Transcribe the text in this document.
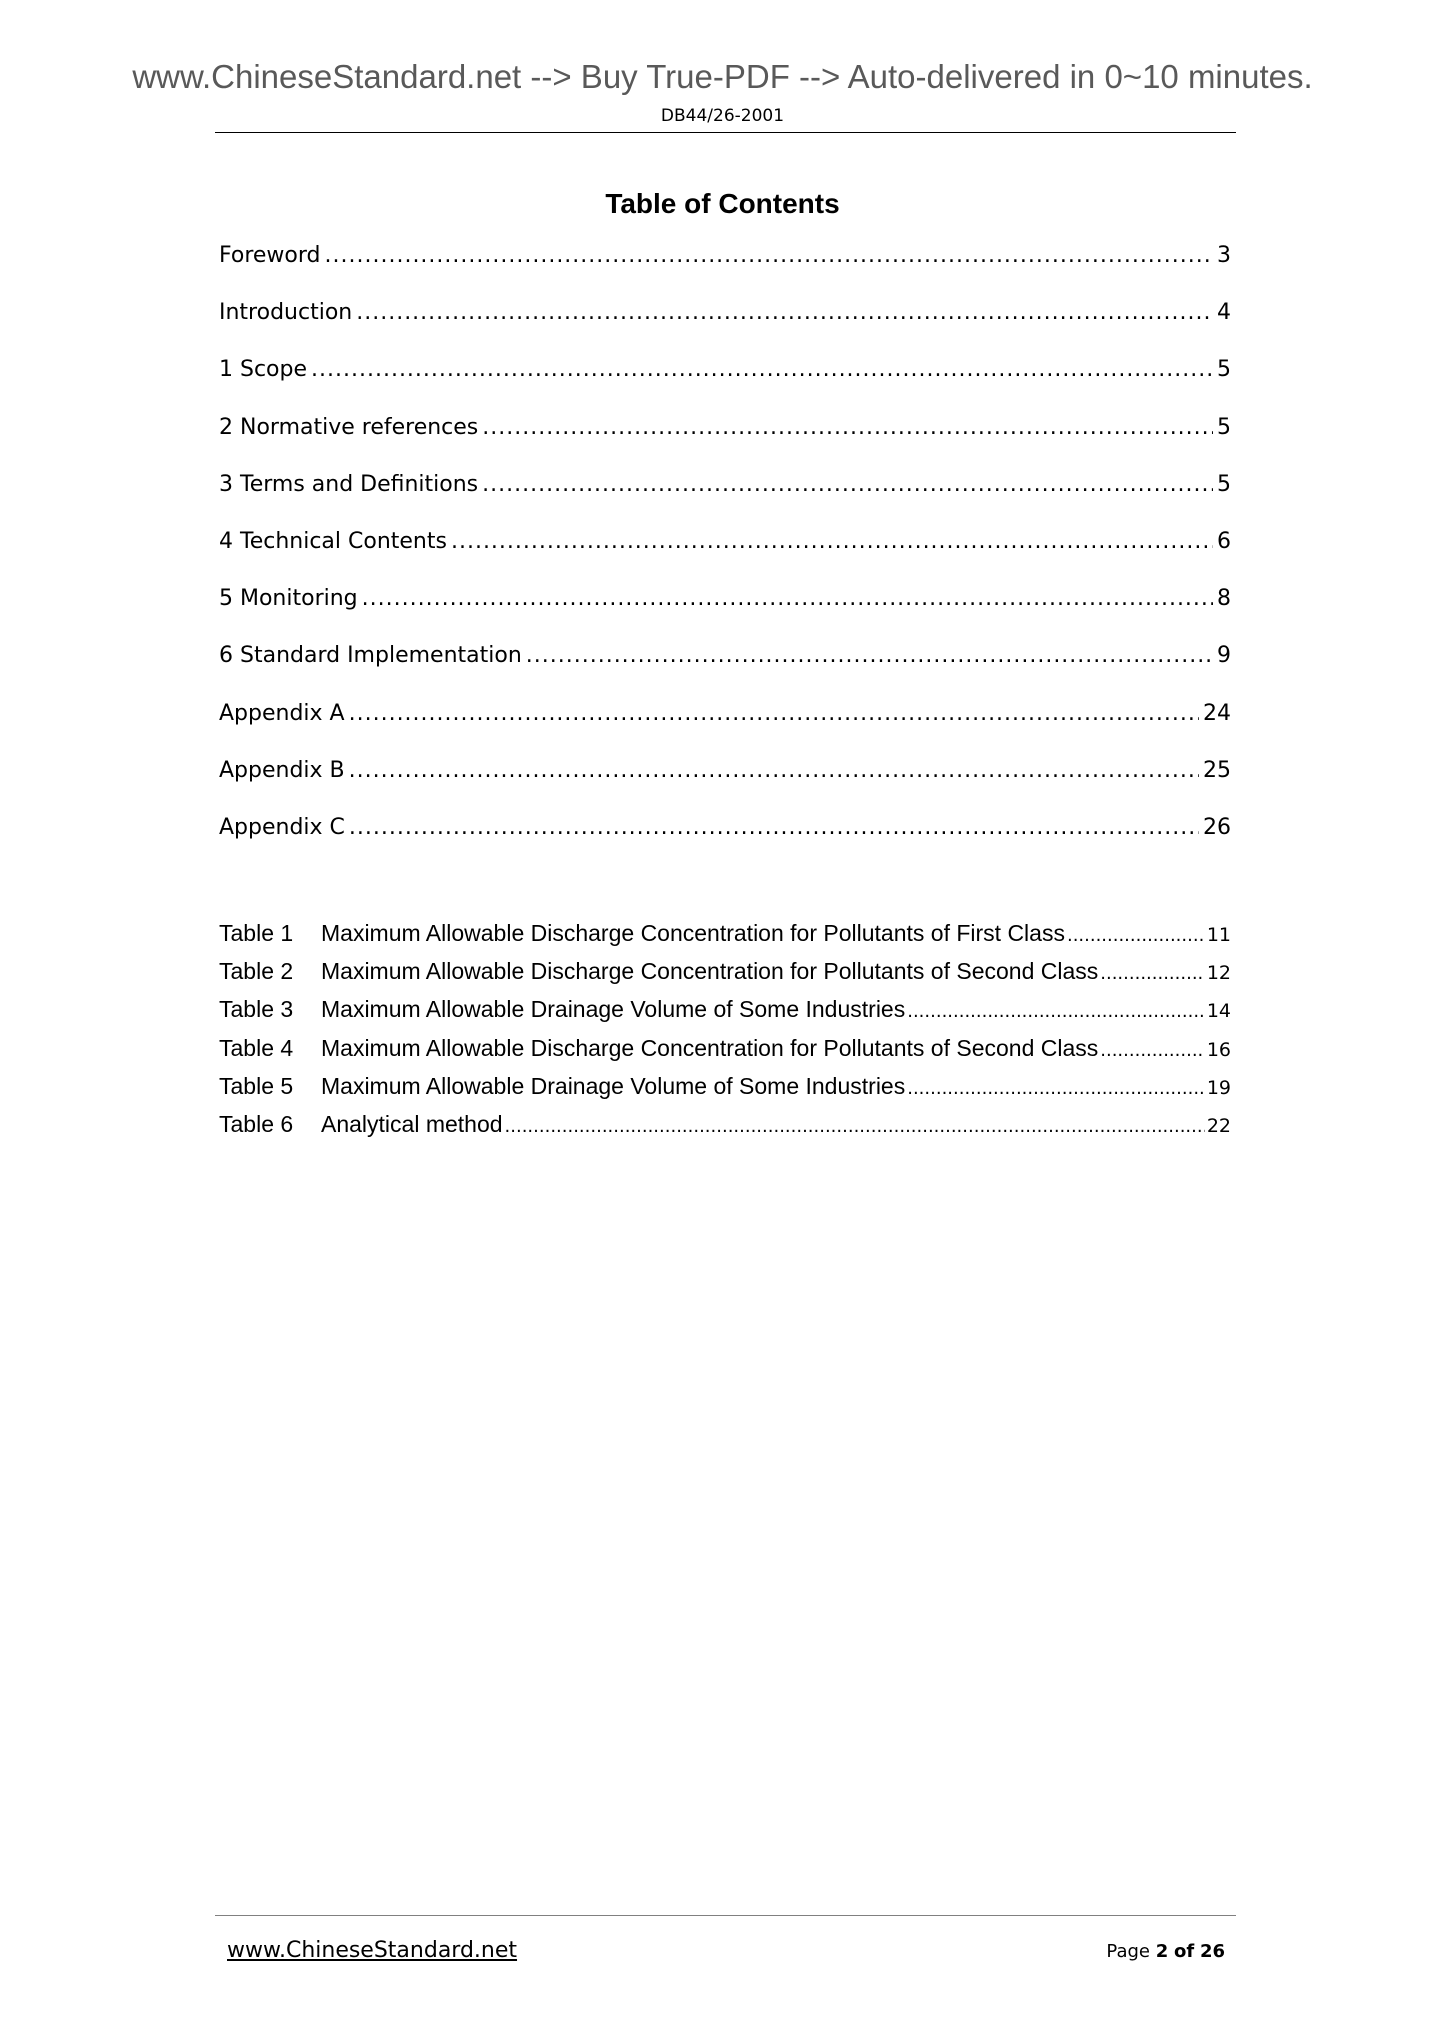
www.ChineseStandard.net --> Buy True-PDF --> Auto-delivered in 0~10 minutes.
DB44/26-2001
Table of Contents
Foreword .....	3
Introduction .....	4
1 Scope .....	5
2 Normative references .....	5
3 Terms and Definitions .....	5
4 Technical Contents .....	6
5 Monitoring .....	8
6 Standard Implementation .....	9
Appendix A .....	24
Appendix B .....	25
Appendix C .....	26
Table 1	Maximum Allowable Discharge Concentration for Pollutants of First Class .....	11
Table 2	Maximum Allowable Discharge Concentration for Pollutants of Second Class .....	12
Table 3	Maximum Allowable Drainage Volume of Some Industries .....	14
Table 4	Maximum Allowable Discharge Concentration for Pollutants of Second Class .....	16
Table 5	Maximum Allowable Drainage Volume of Some Industries .....	19
Table 6	Analytical method .....	22
www.ChineseStandard.net	Page 2 of 26
